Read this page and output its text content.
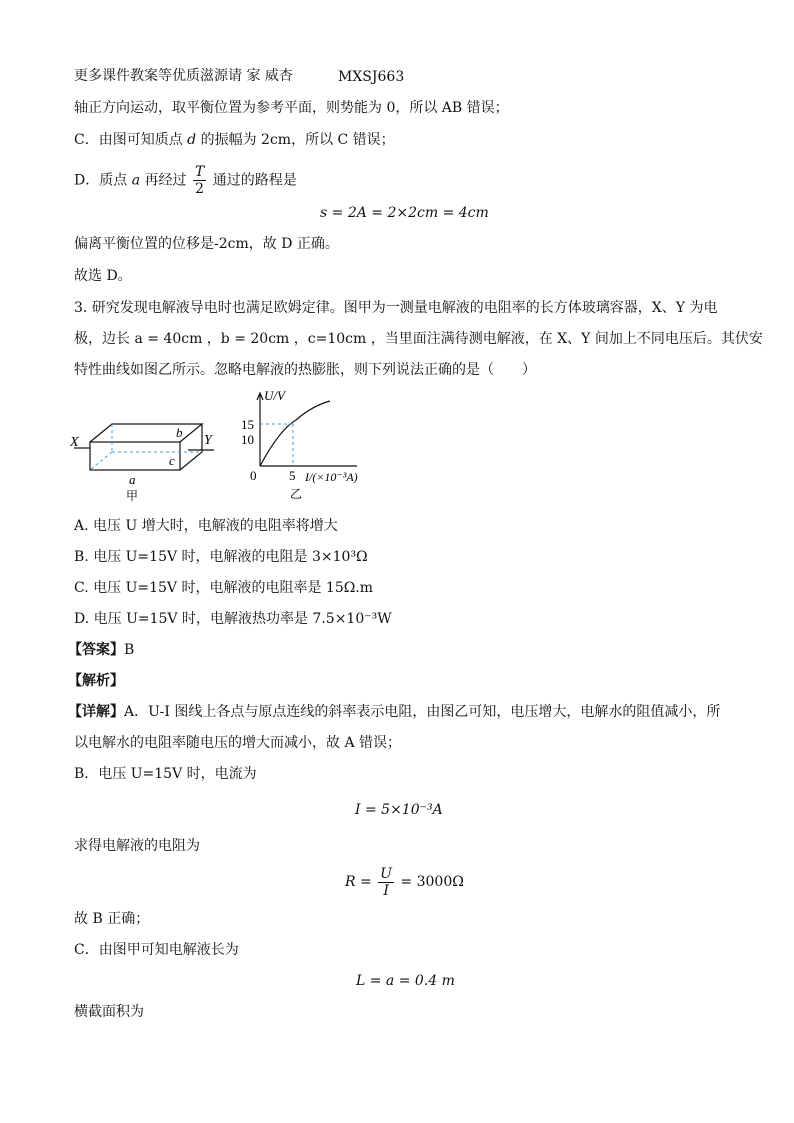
更多课件教案等优质滋源请 家 威杏	MXSJ663
轴正方向运动，取平衡位置为参考平面，则势能为 0，所以 AB 错误；
C．由图可知质点 d 的振幅为 2cm，所以 C 错误；
D．质点 a 再经过 $\frac{T}{2}$ 通过的路程是
s = 2A = 2×2cm = 4cm
偏离平衡位置的位移是-2cm，故 D 正确。
故选 D。
3. 研究发现电解液导电时也满足欧姆定律。图甲为一测量电解液的电阻率的长方体玻璃容器，X、Y 为电
极，边长 a = 40cm ，b = 20cm ，c=10cm ，当里面注满待测电解液，在 X、Y 间加上不同电压后。其伏安
特性曲线如图乙所示。忽略电解液的热膨胀，则下列说法正确的是（　　）
X	Y
b
c
a
甲
U/V
15
10
0	5 I/(×10⁻³A)
乙
A. 电压 U 增大时，电解液的电阻率将增大
B. 电压 U=15V 时，电解液的电阻是 3×10³Ω
C. 电压 U=15V 时，电解液的电阻率是 15Ω.m
D. 电压 U=15V 时，电解液热功率是 7.5×10⁻³W
【答案】B
【解析】
【详解】A．U-I 图线上各点与原点连线的斜率表示电阻，由图乙可知，电压增大，电解水的阻值减小，所
以电解水的电阻率随电压的增大而减小，故 A 错误；
B．电压 U=15V 时，电流为
I = 5×10⁻³A
求得电解液的电阻为
$R = \frac{U}{I} = 3000\Omega$
故 B 正确；
C．由图甲可知电解液长为
L = a = 0.4 m
横截面积为
